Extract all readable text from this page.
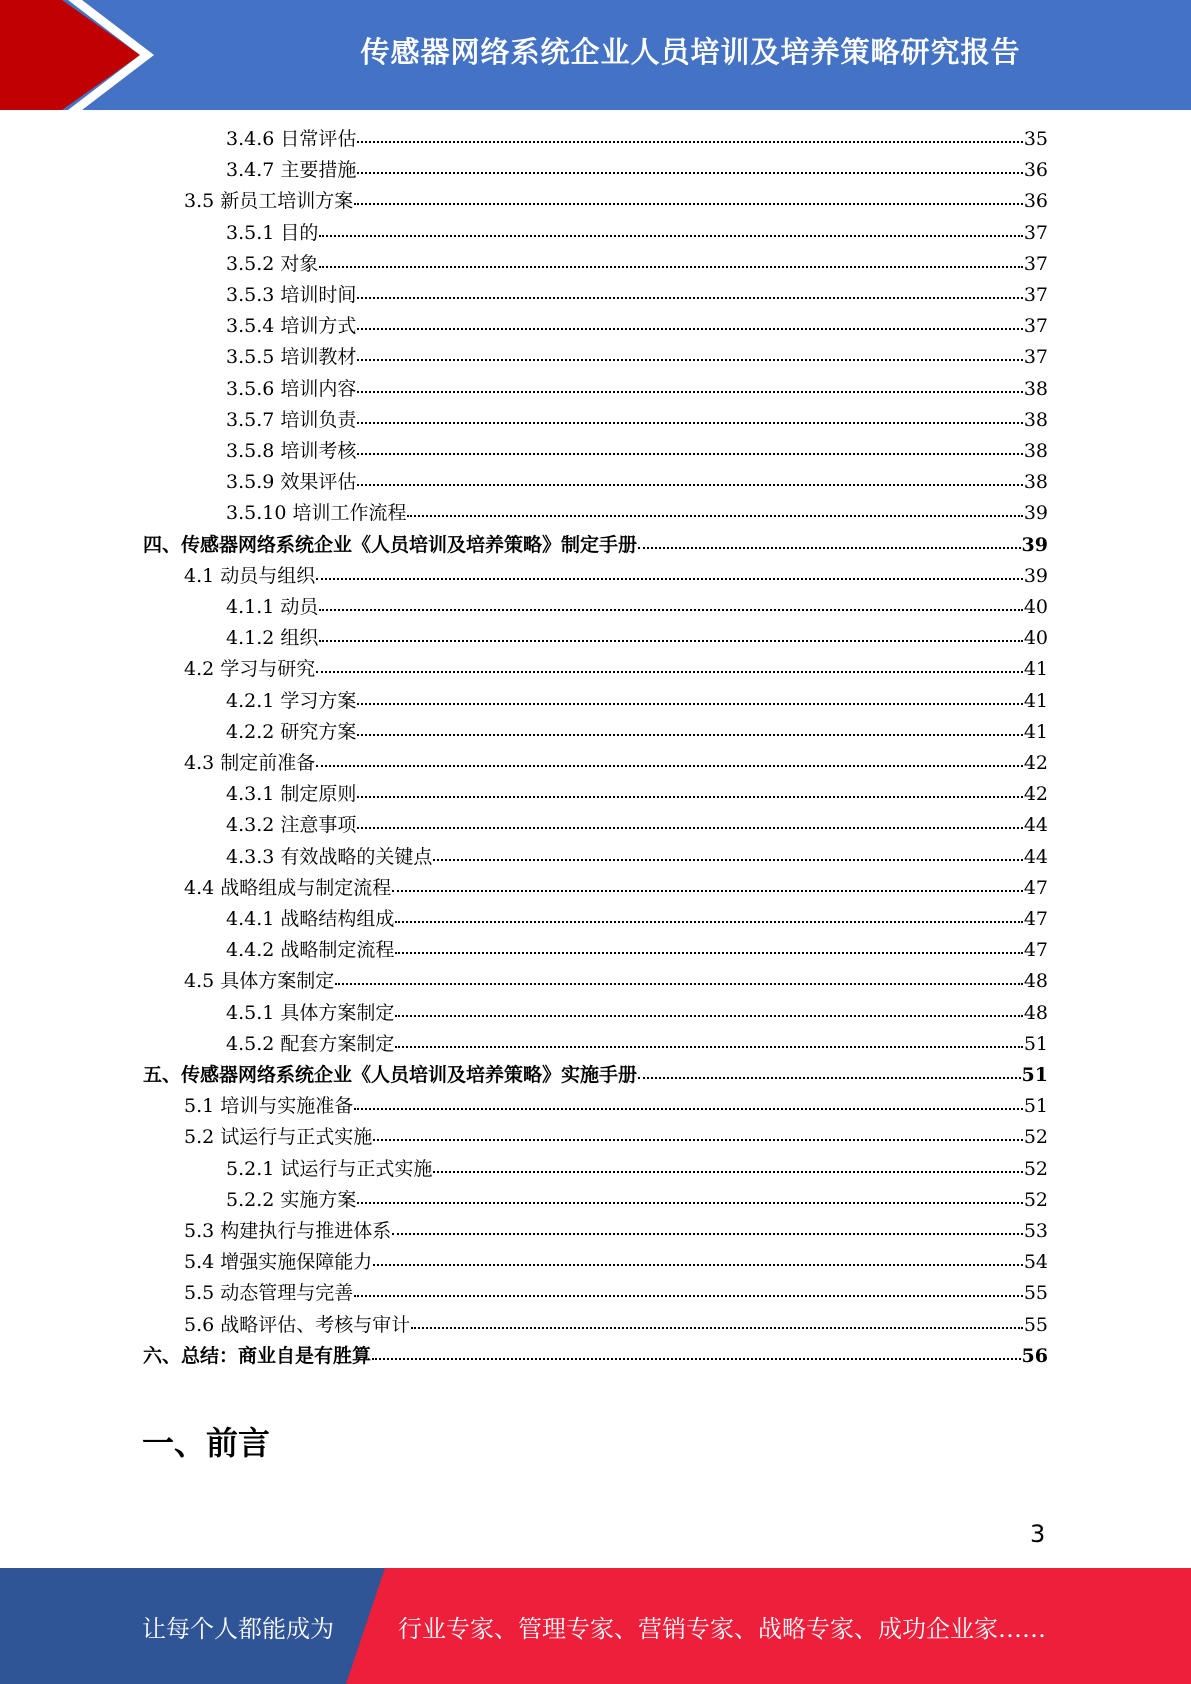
传感器网络系统企业人员培训及培养策略研究报告
3.4.6 日常评估	35
3.4.7 主要措施	36
3.5 新员工培训方案	36
3.5.1 目的	37
3.5.2 对象	37
3.5.3 培训时间	37
3.5.4 培训方式	37
3.5.5 培训教材	37
3.5.6 培训内容	38
3.5.7 培训负责	38
3.5.8 培训考核	38
3.5.9 效果评估	38
3.5.10 培训工作流程	39
四、传感器网络系统企业《人员培训及培养策略》制定手册	39
4.1 动员与组织	39
4.1.1 动员	40
4.1.2 组织	40
4.2 学习与研究	41
4.2.1 学习方案	41
4.2.2 研究方案	41
4.3 制定前准备	42
4.3.1 制定原则	42
4.3.2 注意事项	44
4.3.3 有效战略的关键点	44
4.4 战略组成与制定流程	47
4.4.1 战略结构组成	47
4.4.2 战略制定流程	47
4.5 具体方案制定	48
4.5.1 具体方案制定	48
4.5.2 配套方案制定	51
五、传感器网络系统企业《人员培训及培养策略》实施手册	51
5.1 培训与实施准备	51
5.2 试运行与正式实施	52
5.2.1 试运行与正式实施	52
5.2.2 实施方案	52
5.3 构建执行与推进体系	53
5.4 增强实施保障能力	54
5.5 动态管理与完善	55
5.6 战略评估、考核与审计	55
六、总结：商业自是有胜算	56
一、前言
3
让每个人都能成为	行业专家、管理专家、营销专家、战略专家、成功企业家……
